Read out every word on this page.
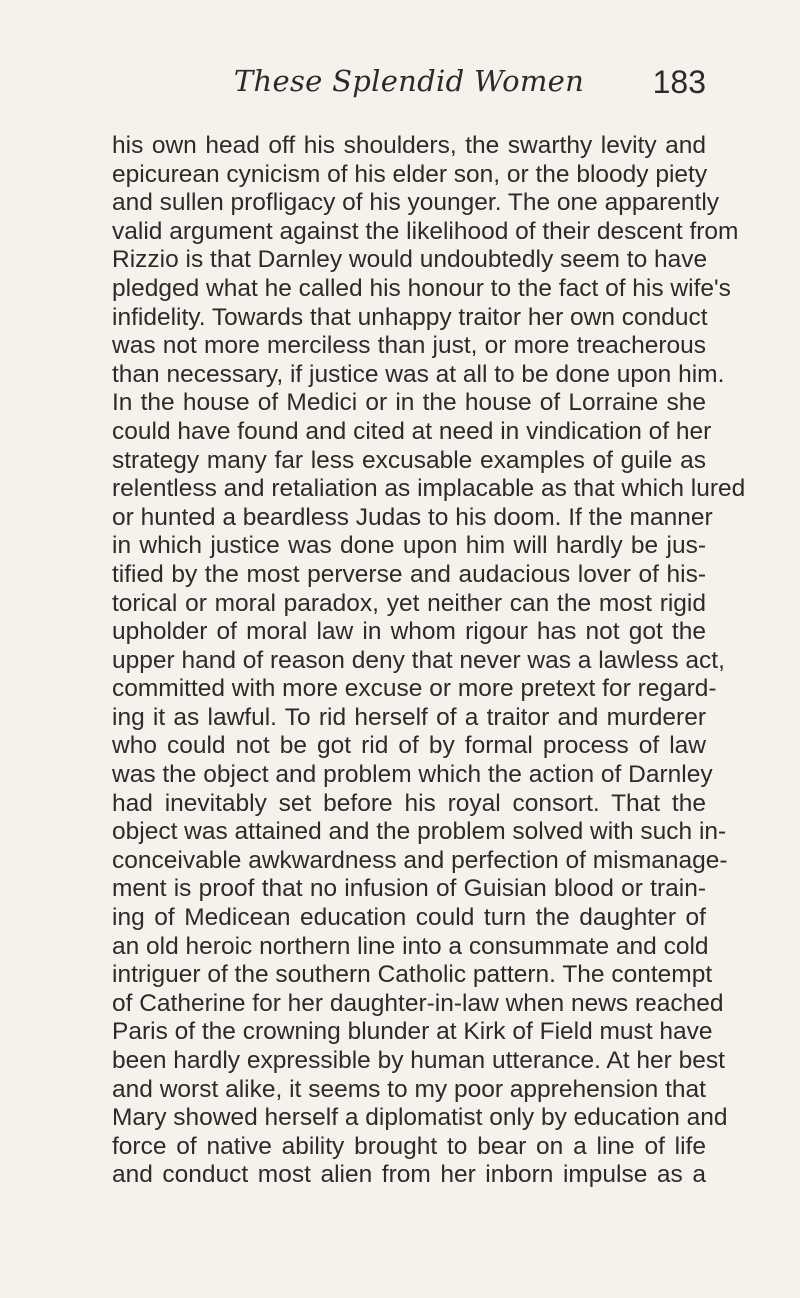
These Splendid Women	183
his own head off his shoulders, the swarthy levity and
epicurean cynicism of his elder son, or the bloody piety
and sullen profligacy of his younger. The one apparently
valid argument against the likelihood of their descent from
Rizzio is that Darnley would undoubtedly seem to have
pledged what he called his honour to the fact of his wife's
infidelity. Towards that unhappy traitor her own conduct
was not more merciless than just, or more treacherous
than necessary, if justice was at all to be done upon him.
In the house of Medici or in the house of Lorraine she
could have found and cited at need in vindication of her
strategy many far less excusable examples of guile as
relentless and retaliation as implacable as that which lured
or hunted a beardless Judas to his doom. If the manner
in which justice was done upon him will hardly be jus-
tified by the most perverse and audacious lover of his-
torical or moral paradox, yet neither can the most rigid
upholder of moral law in whom rigour has not got the
upper hand of reason deny that never was a lawless act,
committed with more excuse or more pretext for regard-
ing it as lawful. To rid herself of a traitor and murderer
who could not be got rid of by formal process of law
was the object and problem which the action of Darnley
had inevitably set before his royal consort. That the
object was attained and the problem solved with such in-
conceivable awkwardness and perfection of mismanage-
ment is proof that no infusion of Guisian blood or train-
ing of Medicean education could turn the daughter of
an old heroic northern line into a consummate and cold
intriguer of the southern Catholic pattern. The contempt
of Catherine for her daughter-in-law when news reached
Paris of the crowning blunder at Kirk of Field must have
been hardly expressible by human utterance. At her best
and worst alike, it seems to my poor apprehension that
Mary showed herself a diplomatist only by education and
force of native ability brought to bear on a line of life
and conduct most alien from her inborn impulse as a
